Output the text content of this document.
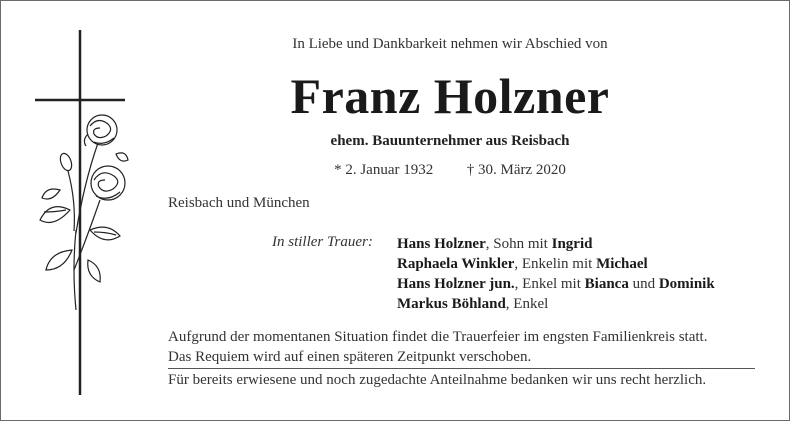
In Liebe und Dankbarkeit nehmen wir Abschied von
Franz Holzner
ehem. Bauunternehmer aus Reisbach
* 2. Januar 1932 † 30. März 2020
Reisbach und München
In stiller Trauer: Hans Holzner, Sohn mit Ingrid
Raphaela Winkler, Enkelin mit Michael
Hans Holzner jun., Enkel mit Bianca und Dominik
Markus Böhland, Enkel
Aufgrund der momentanen Situation findet die Trauerfeier im engsten Familienkreis statt.
Das Requiem wird auf einen späteren Zeitpunkt verschoben.
Für bereits erwiesene und noch zugedachte Anteilnahme bedanken wir uns recht herzlich.
